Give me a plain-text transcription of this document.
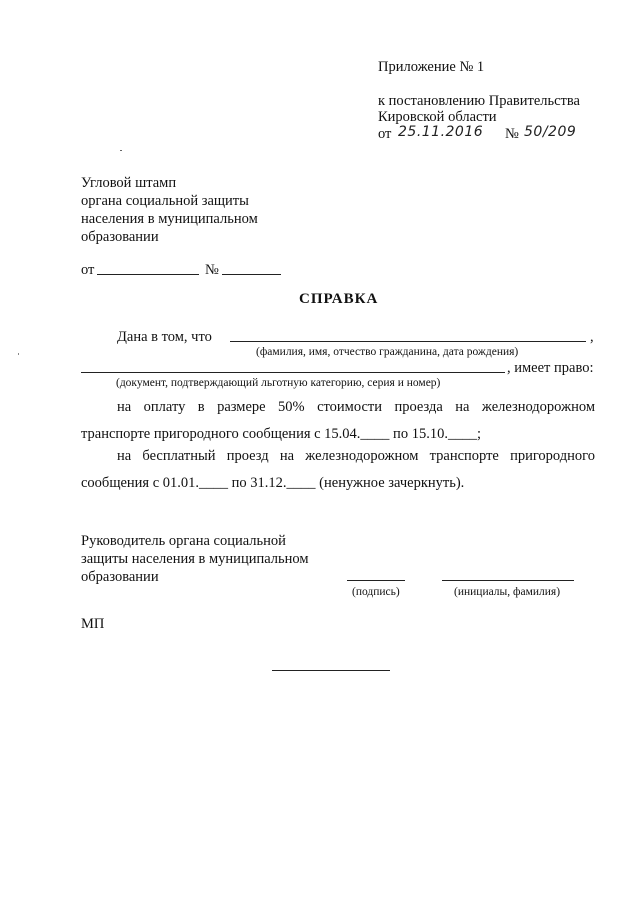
Приложение № 1
к постановлению Правительства
Кировской области
от 25.11.2016 № 50/209
Угловой штамп
органа социальной защиты
населения в муниципальном
образовании
от	№
СПРАВКА
Дана в том, что	,
(фамилия, имя, отчество гражданина, дата рождения)
, имеет право:
(документ, подтверждающий льготную категорию, серия и номер)
на оплату в размере 50% стоимости проезда на железнодорожном
транспорте пригородного сообщения с 15.04.____ по 15.10.____;
на бесплатный проезд на железнодорожном транспорте пригородного
сообщения с 01.01.____ по 31.12.____ (ненужное зачеркнуть).
Руководитель органа социальной
защиты населения в муниципальном
образовании
(подпись)	(инициалы, фамилия)
МП
